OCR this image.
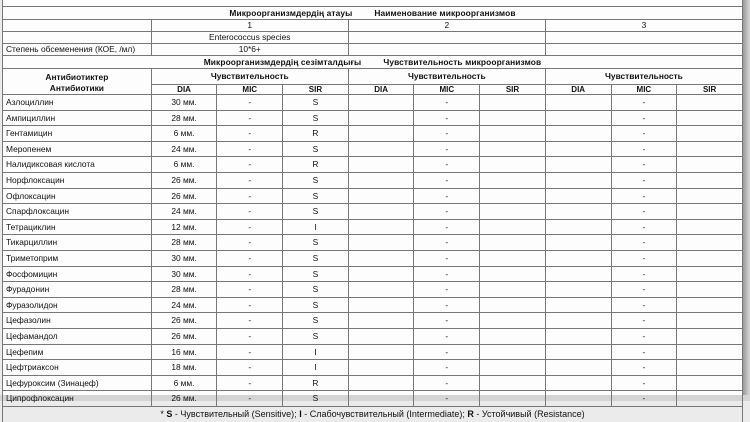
Микроорганизмдердің атауы Наименование микроорганизмов									
	1			2			3		
	Enterococcus species								
Степень обсеменения (КОЕ, /мл)	10*6+								
Микроорганизмдердің сезімталдығы Чувствительность микроорганизмов									

Антибиотиктер
Антибиотики	Чувствительность			Чувствительность			Чувствительность		
	DIA	MIC	SIR	DIA	MIC	SIR	DIA	MIC	SIR
Азлоциллин	30 мм.	-	S		-			-	
Ампициллин	28 мм.	-	S		-			-	
Гентамицин	6 мм.	-	R		-			-	
Меропенем	24 мм.	-	S		-			-	
Налидиксовая кислота	6 мм.	-	R		-			-	
Норфлоксацин	26 мм.	-	S		-			-	
Офлоксацин	26 мм.	-	S		-			-	
Спарфлоксацин	24 мм.	-	S		-			-	
Тетрациклин	12 мм.	-	I		-			-	
Тикарциллин	28 мм.	-	S		-			-	
Триметоприм	30 мм.	-	S		-			-	
Фосфомицин	30 мм.	-	S		-			-	
Фурадонин	28 мм.	-	S		-			-	
Фуразолидон	24 мм.	-	S		-			-	
Цефазолин	26 мм.	-	S		-			-	
Цефамандол	26 мм.	-	S		-			-	
Цефепим	16 мм.	-	I		-			-	
Цефтриаксон	18 мм.	-	I		-			-	
Цефуроксим (Зинацеф)	6 мм.	-	R		-			-	
Ципрофлоксацин	26 мм.	-	S		-			-	
* S - Чувствительный (Sensitive); I - Слабочувствительный (Intermediate); R - Устойчивый (Resistance)									
